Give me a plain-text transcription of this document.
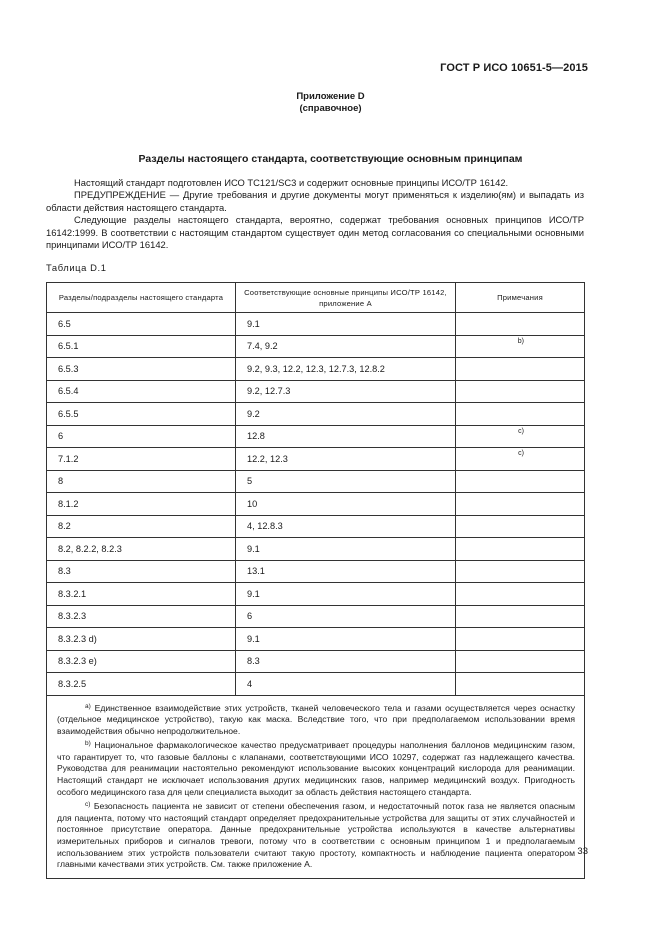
ГОСТ Р ИСО 10651-5—2015
Приложение D
(справочное)
Разделы настоящего стандарта, соответствующие основным принципам

Настоящий стандарт подготовлен ИСО ТС121/SC3 и содержит основные принципы ИСО/ТР 16142.

ПРЕДУПРЕЖДЕНИЕ — Другие требования и другие документы могут применяться к изделию(ям) и выпадать из области действия настоящего стандарта.

Следующие разделы настоящего стандарта, вероятно, содержат требования основных принципов ИСО/ТР 16142:1999. В соответствии с настоящим стандартом существует один метод согласования со специальными основными принципами ИСО/ТР 16142.

Таблица D.1
Разделы/подразделы настоящего стандарта	Соответствующие основные принципы ИСО/ТР 16142, приложение А	Примечания
6.5	9.1	
6.5.1	7.4, 9.2	b)
6.5.3	9.2, 9.3, 12.2, 12.3, 12.7.3, 12.8.2	
6.5.4	9.2, 12.7.3	
6.5.5	9.2	
6	12.8	c)
7.1.2	12.2, 12.3	c)
8	5	
8.1.2	10	
8.2	4, 12.8.3	
8.2, 8.2.2, 8.2.3	9.1	
8.3	13.1	
8.3.2.1	9.1	
8.3.2.3	6	
8.3.2.3 d)	9.1	
8.3.2.3 e)	8.3	
8.3.2.5	4	

$^{a)}$ Единственное взаимодействие этих устройств, тканей человеческого тела и газами осуществляется через оснастку (отдельное медицинское устройство), такую как маска. Вследствие того, что при предполагаемом использовании время взаимодействия обычно непродолжительное.

$^{b)}$ Национальное фармакологическое качество предусматривает процедуры наполнения баллонов медицинским газом, что гарантирует то, что газовые баллоны с клапанами, соответствующими ИСО 10297, содержат газ надлежащего качества. Руководства для реанимации настоятельно рекомендуют использование высоких концентраций кислорода для реанимации. Настоящий стандарт не исключает использования других медицинских газов, например медицинский воздух. Пригодность особого медицинского газа для цели специалиста выходит за область действия настоящего стандарта.

$^{c)}$ Безопасность пациента не зависит от степени обеспечения газом, и недостаточный поток газа не является опасным для пациента, потому что настоящий стандарт определяет предохранительные устройства для защиты от этих случайностей и постоянное присутствие оператора. Данные предохранительные устройства используются в качестве альтернативы измерительных приборов и сигналов тревоги, потому что в соответствии с основным принципом 1 и предполагаемым использованием этих устройств пользователи считают такую простоту, компактность и наблюдение пациента оператором главными качествами этих устройств. См. также приложение А.		

33
